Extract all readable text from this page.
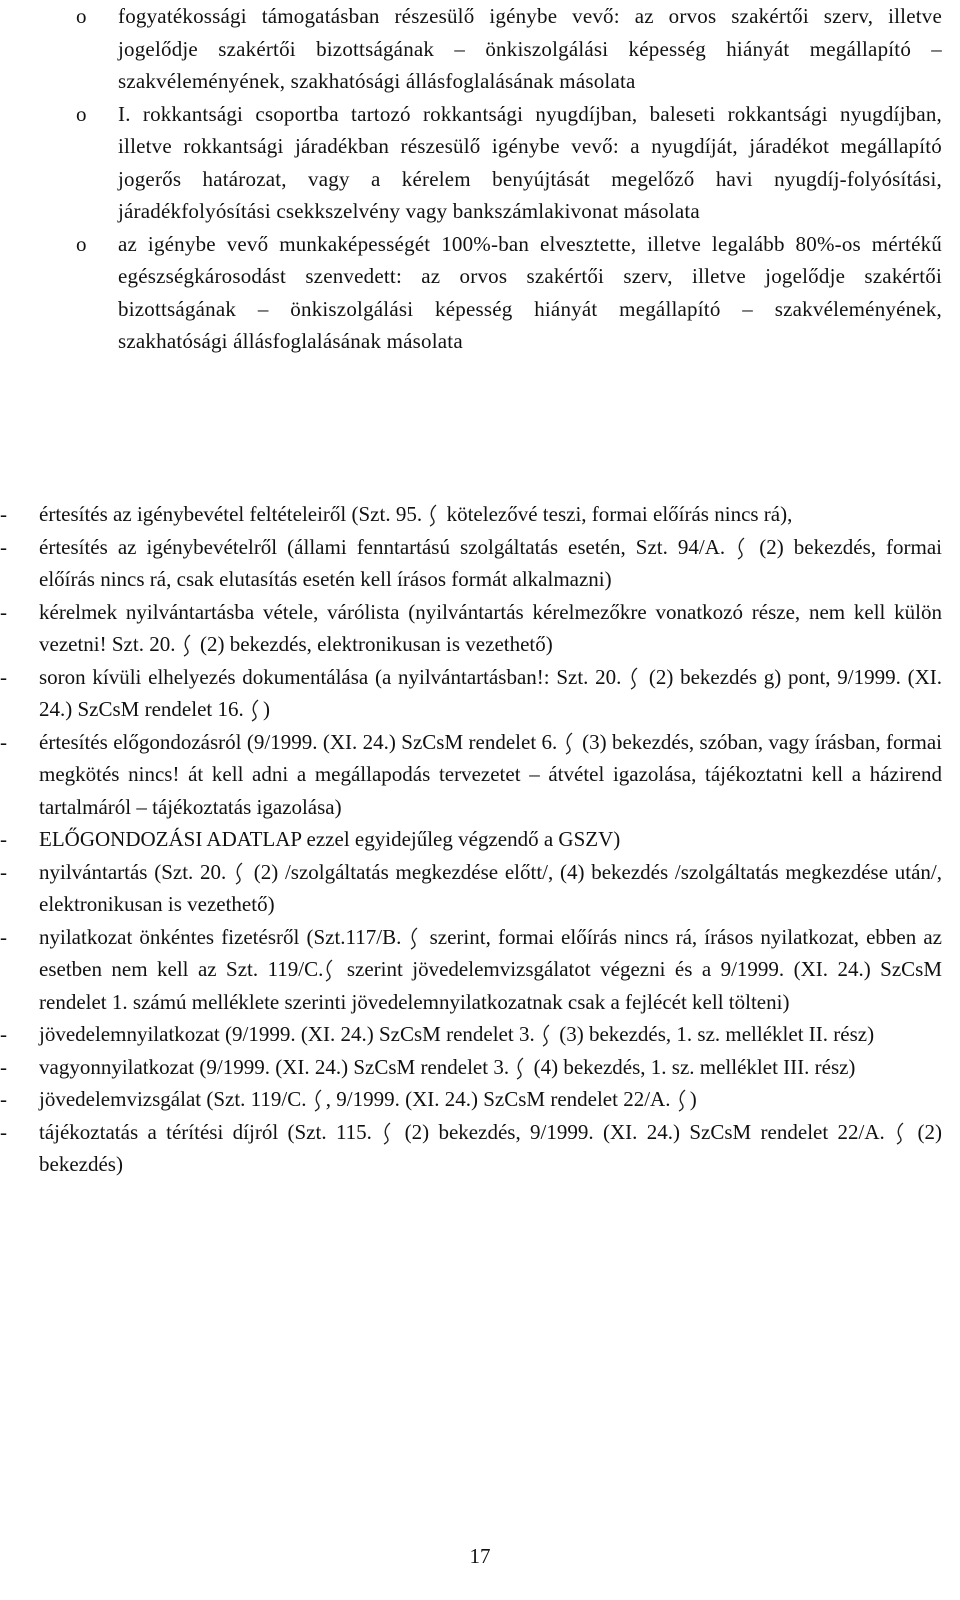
o	fogyatékossági támogatásban részesülő igénybe vevő: az orvos szakértői szerv, illetve jogelődje szakértői bizottságának – önkiszolgálási képesség hiányát megállapító – szakvéleményének, szakhatósági állásfoglalásának másolata
o	I. rokkantsági csoportba tartozó rokkantsági nyugdíjban, baleseti rokkantsági nyugdíjban, illetve rokkantsági járadékban részesülő igénybe vevő: a nyugdíját, járadékot megállapító jogerős határozat, vagy a kérelem benyújtását megelőző havi nyugdíj-folyósítási, járadékfolyósítási csekkszelvény vagy bankszámlakivonat másolata
o	az igénybe vevő munkaképességét 100%-ban elvesztette, illetve legalább 80%-os mértékű egészségkárosodást szenvedett: az orvos szakértői szerv, illetve jogelődje szakértői bizottságának – önkiszolgálási képesség hiányát megállapító – szakvéleményének, szakhatósági állásfoglalásának másolata
-	értesítés az igénybevétel feltételeiről (Szt. 95.  kötelezővé teszi, formai előírás nincs rá),
-	értesítés az igénybevételről (állami fenntartású szolgáltatás esetén, Szt. 94/A.  (2) bekezdés, formai előírás nincs rá, csak elutasítás esetén kell írásos formát alkalmazni)
-	kérelmek nyilvántartásba vétele, várólista (nyilvántartás kérelmezőkre vonatkozó része, nem kell külön vezetni! Szt. 20.  (2) bekezdés, elektronikusan is vezethető)
-	soron kívüli elhelyezés dokumentálása (a nyilvántartásban!: Szt. 20.  (2) bekezdés g) pont, 9/1999. (XI. 24.) SzCsM rendelet 16. )
-	értesítés előgondozásról (9/1999. (XI. 24.) SzCsM rendelet 6.  (3) bekezdés, szóban, vagy írásban, formai megkötés nincs! át kell adni a megállapodás tervezetet – átvétel igazolása, tájékoztatni kell a házirend tartalmáról – tájékoztatás igazolása)
-	ELŐGONDOZÁSI ADATLAP ezzel egyidejűleg végzendő a GSZV)
-	nyilvántartás (Szt. 20.  (2) /szolgáltatás megkezdése előtt/, (4) bekezdés /szolgáltatás megkezdése után/, elektronikusan is vezethető)
-	nyilatkozat önkéntes fizetésről (Szt.117/B.  szerint, formai előírás nincs rá, írásos nyilatkozat, ebben az esetben nem kell az Szt. 119/C. szerint jövedelemvizsgálatot végezni és a 9/1999. (XI. 24.) SzCsM rendelet 1. számú melléklete szerinti jövedelemnyilatkozatnak csak a fejlécét kell tölteni)
-	jövedelemnyilatkozat (9/1999. (XI. 24.) SzCsM rendelet 3.  (3) bekezdés, 1. sz. melléklet II. rész)
-	vagyonnyilatkozat (9/1999. (XI. 24.) SzCsM rendelet 3.  (4) bekezdés, 1. sz. melléklet III. rész)
-	jövedelemvizsgálat (Szt. 119/C. , 9/1999. (XI. 24.) SzCsM rendelet 22/A. )
-	tájékoztatás a térítési díjról (Szt. 115.  (2) bekezdés, 9/1999. (XI. 24.) SzCsM rendelet 22/A.  (2) bekezdés)
17
